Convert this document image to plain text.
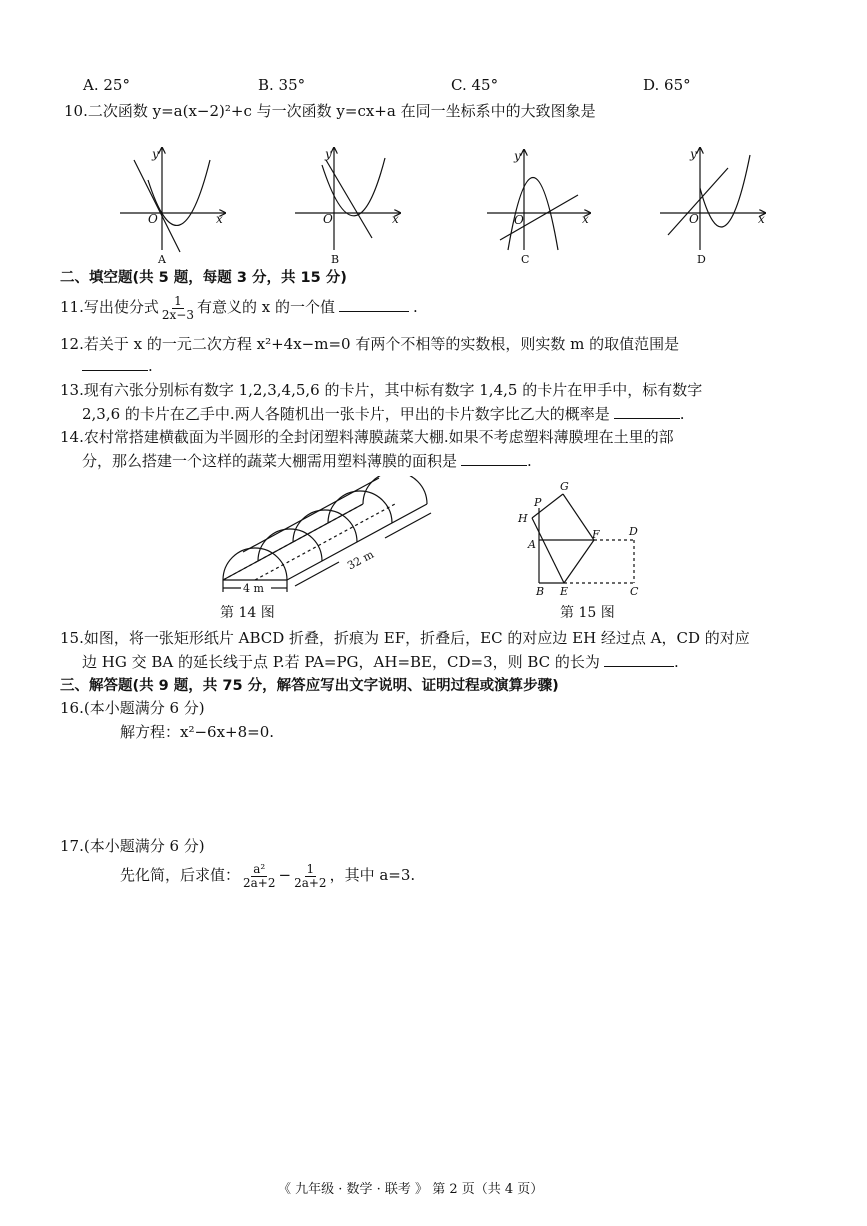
A. 25°	B. 35°	C. 45°	D. 65°
10.二次函数 y=a(x−2)²+c 与一次函数 y=cx+a 在同一坐标系中的大致图象是
y
x
O
A
y
x
O
B
y
x
O
C
y
x
O
D
二、填空题(共 5 题，每题 3 分，共 15 分)
11.写出使分式 $\frac{1}{2x-3}$ 有意义的 x 的一个值	.
12.若关于 x 的一元二次方程 x²+4x−m=0 有两个不相等的实数根，则实数 m 的取值范围是
.
13.现有六张分别标有数字 1,2,3,4,5,6 的卡片，其中标有数字 1,4,5 的卡片在甲手中，标有数字
2,3,6 的卡片在乙手中.两人各随机出一张卡片，甲出的卡片数字比乙大的概率是	.
14.农村常搭建横截面为半圆形的全封闭塑料薄膜蔬菜大棚.如果不考虑塑料薄膜埋在土里的部
分，那么搭建一个这样的蔬菜大棚需用塑料薄膜的面积是	.
4 m
32 m
第 14 图
P
G
H
A
F	D
B E	C
第 15 图
15.如图，将一张矩形纸片 ABCD 折叠，折痕为 EF，折叠后，EC 的对应边 EH 经过点 A，CD 的对应
边 HG 交 BA 的延长线于点 P.若 PA=PG，AH=BE，CD=3，则 BC 的长为	.
三、解答题(共 9 题，共 75 分，解答应写出文字说明、证明过程或演算步骤)
16.(本小题满分 6 分)
解方程：x²−6x+8=0.
17.(本小题满分 6 分)
先化简，后求值： $\frac{\text{a²}}{2a+2} - \frac{1}{2a+2}$ ，其中 a=3.
《 九年级 · 数学 · 联考 》 第 2 页（共 4 页）
